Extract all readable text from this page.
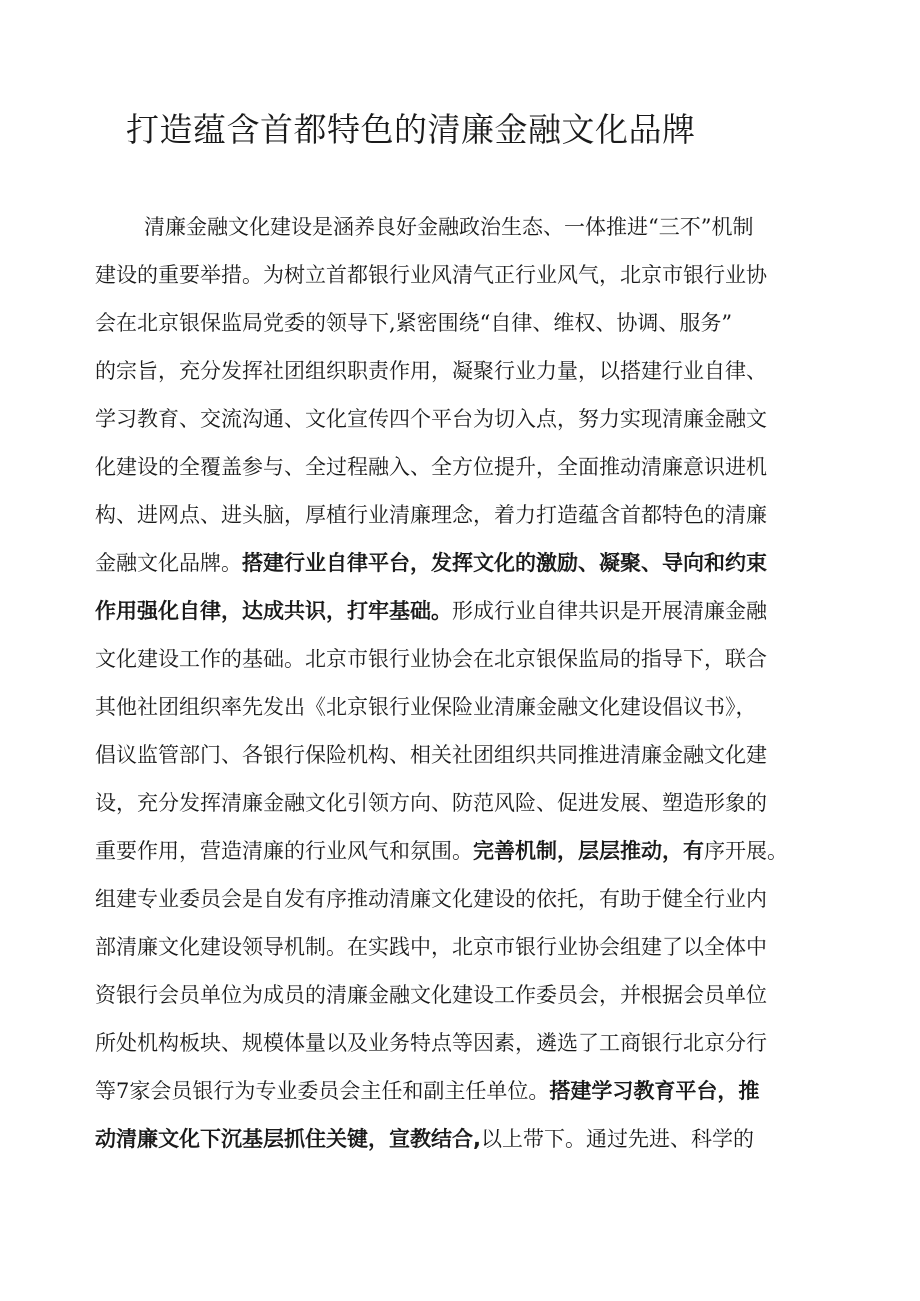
打造蕴含首都特色的清廉金融文化品牌
清廉金融文化建设是涵养良好金融政治生态、一体推进“三不”机制
建设的重要举措。为树立首都银行业风清气正行业风气，北京市银行业协
会在北京银保监局党委的领导下,紧密围绕“自律、维权、协调、服务”
的宗旨，充分发挥社团组织职责作用，凝聚行业力量，以搭建行业自律、
学习教育、交流沟通、文化宣传四个平台为切入点，努力实现清廉金融文
化建设的全覆盖参与、全过程融入、全方位提升，全面推动清廉意识进机
构、进网点、进头脑，厚植行业清廉理念，着力打造蕴含首都特色的清廉
金融文化品牌。搭建行业自律平台，发挥文化的激励、凝聚、导向和约束
作用强化自律，达成共识，打牢基础。形成行业自律共识是开展清廉金融
文化建设工作的基础。北京市银行业协会在北京银保监局的指导下，联合
其他社团组织率先发出《北京银行业保险业清廉金融文化建设倡议书》，
倡议监管部门、各银行保险机构、相关社团组织共同推进清廉金融文化建
设，充分发挥清廉金融文化引领方向、防范风险、促进发展、塑造形象的
重要作用，营造清廉的行业风气和氛围。完善机制，层层推动，有序开展。
组建专业委员会是自发有序推动清廉文化建设的依托，有助于健全行业内
部清廉文化建设领导机制。在实践中，北京市银行业协会组建了以全体中
资银行会员单位为成员的清廉金融文化建设工作委员会，并根据会员单位
所处机构板块、规模体量以及业务特点等因素，遴选了工商银行北京分行
等7家会员银行为专业委员会主任和副主任单位。搭建学习教育平台，推
动清廉文化下沉基层抓住关键，宣教结合,以上带下。通过先进、科学的
